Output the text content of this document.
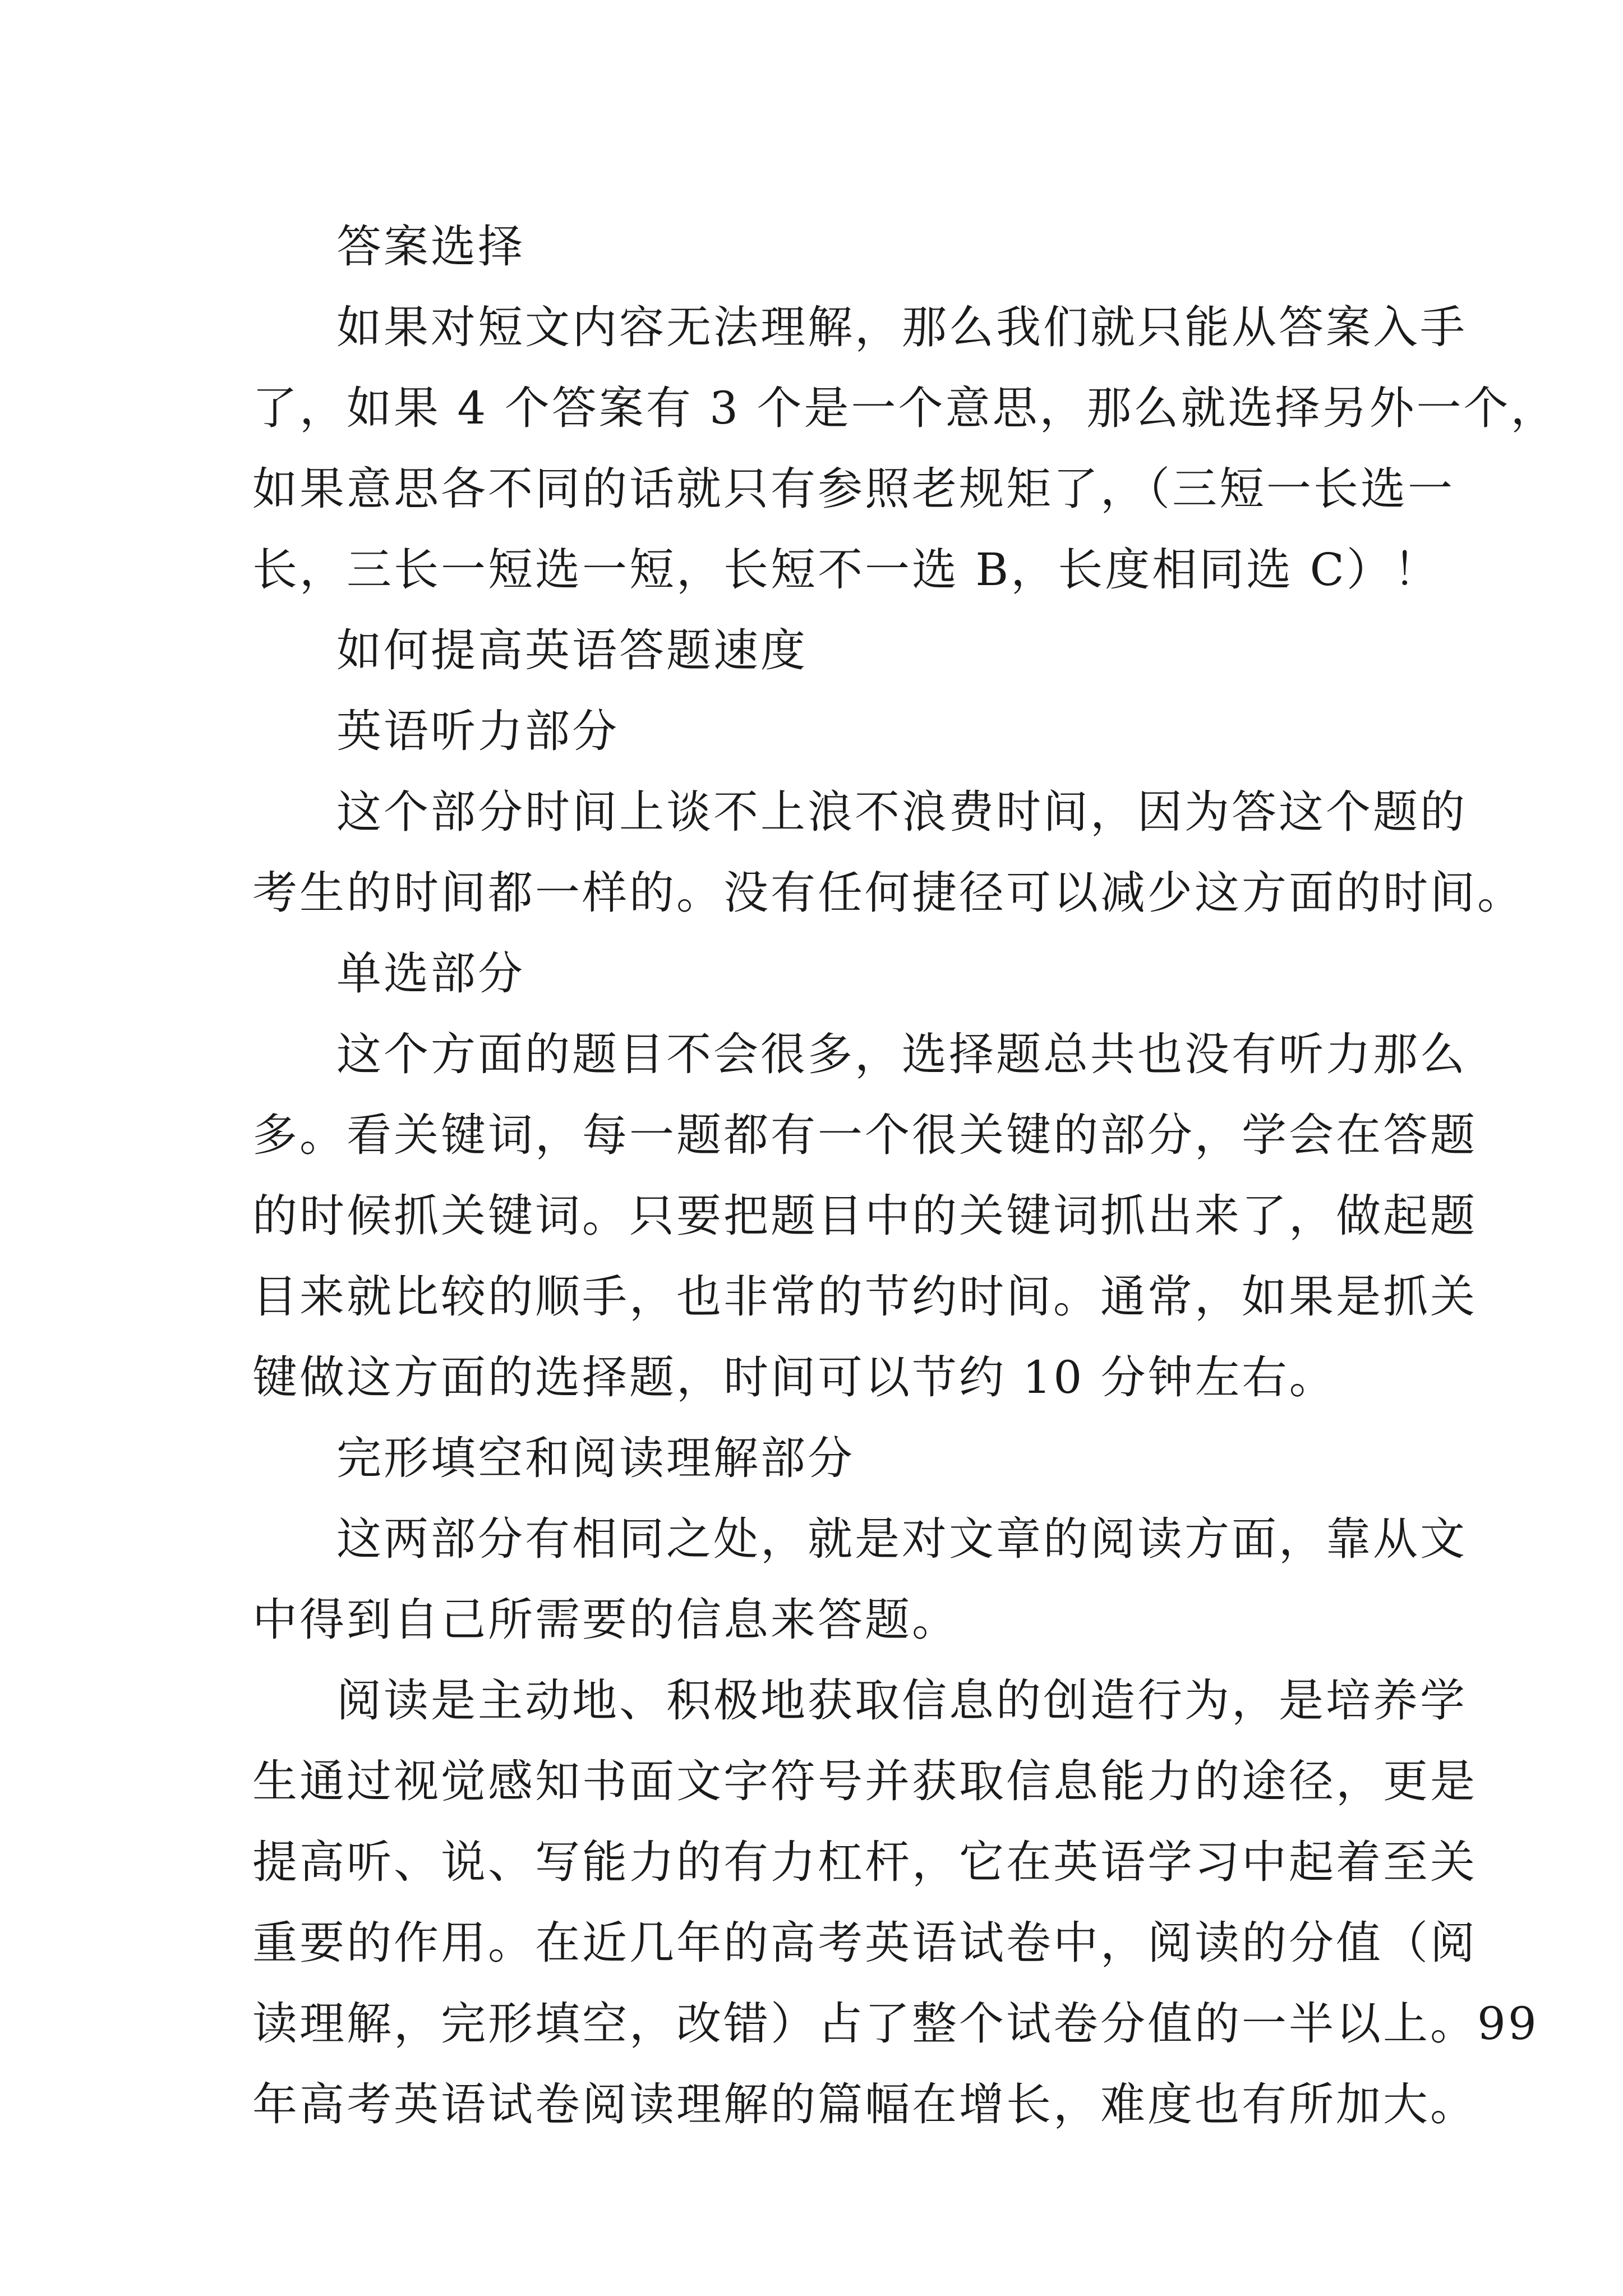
答案选择
如果对短文内容无法理解，那么我们就只能从答案入手
了，如果 4 个答案有 3 个是一个意思，那么就选择另外一个，
如果意思各不同的话就只有参照老规矩了，（三短一长选一
长，三长一短选一短，长短不一选 B，长度相同选 C）！
如何提高英语答题速度
英语听力部分
这个部分时间上谈不上浪不浪费时间，因为答这个题的
考生的时间都一样的。没有任何捷径可以减少这方面的时间。
单选部分
这个方面的题目不会很多，选择题总共也没有听力那么
多。看关键词，每一题都有一个很关键的部分，学会在答题
的时候抓关键词。只要把题目中的关键词抓出来了，做起题
目来就比较的顺手，也非常的节约时间。通常，如果是抓关
键做这方面的选择题，时间可以节约 10 分钟左右。
完形填空和阅读理解部分
这两部分有相同之处，就是对文章的阅读方面，靠从文
中得到自己所需要的信息来答题。
阅读是主动地、积极地获取信息的创造行为，是培养学
生通过视觉感知书面文字符号并获取信息能力的途径，更是
提高听、说、写能力的有力杠杆，它在英语学习中起着至关
重要的作用。在近几年的高考英语试卷中，阅读的分值（阅
读理解，完形填空，改错）占了整个试卷分值的一半以上。99
年高考英语试卷阅读理解的篇幅在增长，难度也有所加大。
